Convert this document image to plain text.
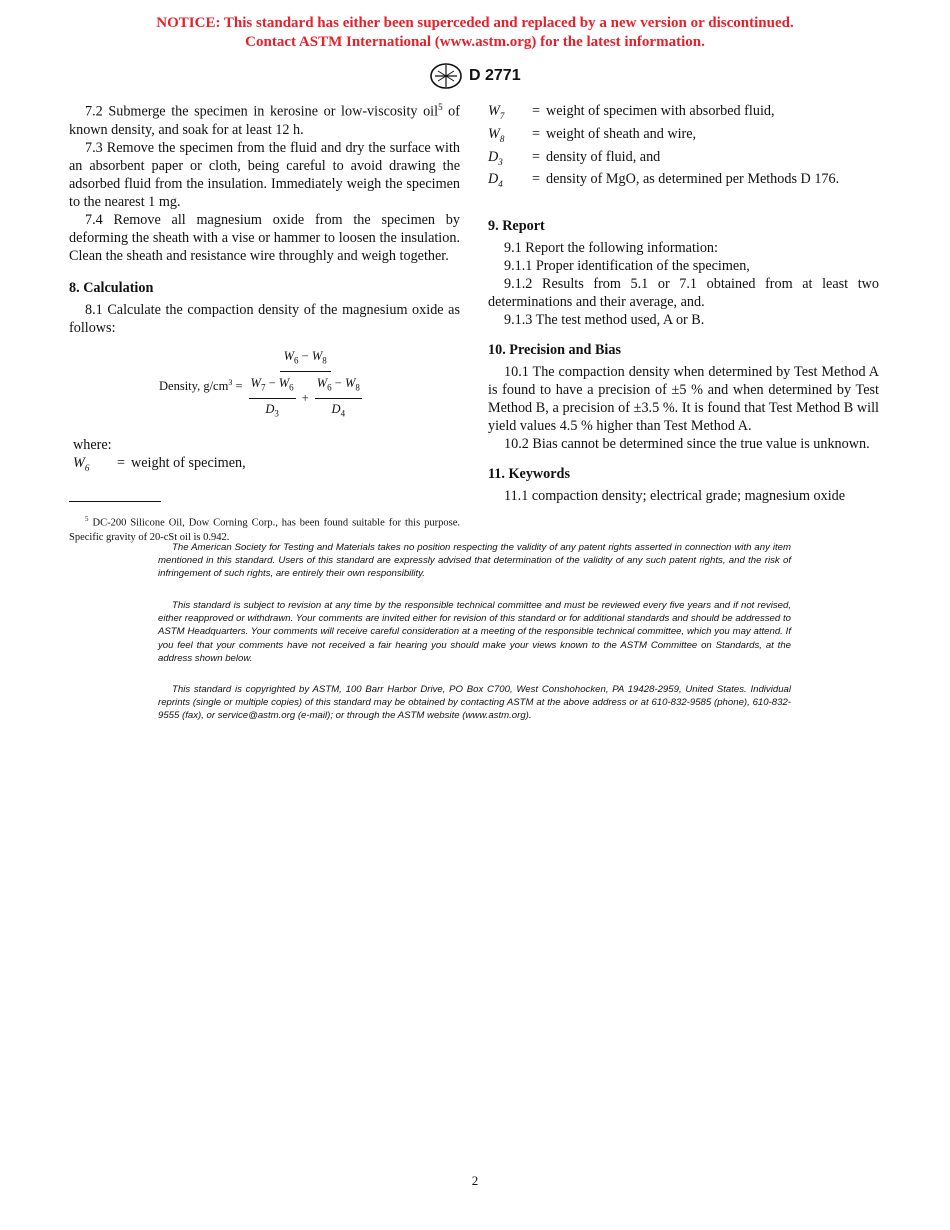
NOTICE: This standard has either been superceded and replaced by a new version or discontinued.
Contact ASTM International (www.astm.org) for the latest information.
D 2771

7.2 Submerge the specimen in kerosine or low-viscosity oil$^5$ of known density, and soak for at least 12 h.

7.3 Remove the specimen from the fluid and dry the surface with an absorbent paper or cloth, being careful to avoid drawing the adsorbed fluid from the insulation. Immediately weigh the specimen to the nearest 1 mg.

7.4 Remove all magnesium oxide from the specimen by deforming the sheath with a vise or hammer to loosen the insulation. Clean the sheath and resistance wire throughly and weigh together.

8. Calculation

8.1 Calculate the compaction density of the magnesium oxide as follows:

Density, $g/cm^3 = \frac{W_6 - W_8}{\frac{W_7 - W_6}{D_3} + \frac{W_6 - W_8}{D_4}}$

where:

$W_6$	= weight of specimen,

$^5$ DC-200 Silicone Oil, Dow Corning Corp., has been found suitable for this purpose. Specific gravity of 20-cSt oil is 0.942.

$W_7$	= weight of specimen with absorbed fluid,
$W_8$	= weight of sheath and wire,
$D_3$	= density of fluid, and
$D_4$	= density of MgO, as determined per Methods D 176.

9. Report

9.1 Report the following information:

9.1.1 Proper identification of the specimen,

9.1.2 Results from 5.1 or 7.1 obtained from at least two determinations and their average, and.

9.1.3 The test method used, A or B.

10. Precision and Bias

10.1 The compaction density when determined by Test Method A is found to have a precision of ±5 % and when determined by Test Method B, a precision of ±3.5 %. It is found that Test Method B will yield values 4.5 % higher than Test Method A.

10.2 Bias cannot be determined since the true value is unknown.

11. Keywords

11.1 compaction density; electrical grade; magnesium oxide

The American Society for Testing and Materials takes no position respecting the validity of any patent rights asserted in connection with any item mentioned in this standard. Users of this standard are expressly advised that determination of the validity of any such patent rights, and the risk of infringement of such rights, are entirely their own responsibility.

This standard is subject to revision at any time by the responsible technical committee and must be reviewed every five years and if not revised, either reapproved or withdrawn. Your comments are invited either for revision of this standard or for additional standards and should be addressed to ASTM Headquarters. Your comments will receive careful consideration at a meeting of the responsible technical committee, which you may attend. If you feel that your comments have not received a fair hearing you should make your views known to the ASTM Committee on Standards, at the address shown below.

This standard is copyrighted by ASTM, 100 Barr Harbor Drive, PO Box C700, West Conshohocken, PA 19428-2959, United States. Individual reprints (single or multiple copies) of this standard may be obtained by contacting ASTM at the above address or at 610-832-9585 (phone), 610-832-9555 (fax), or service@astm.org (e-mail); or through the ASTM website (www.astm.org).

2
